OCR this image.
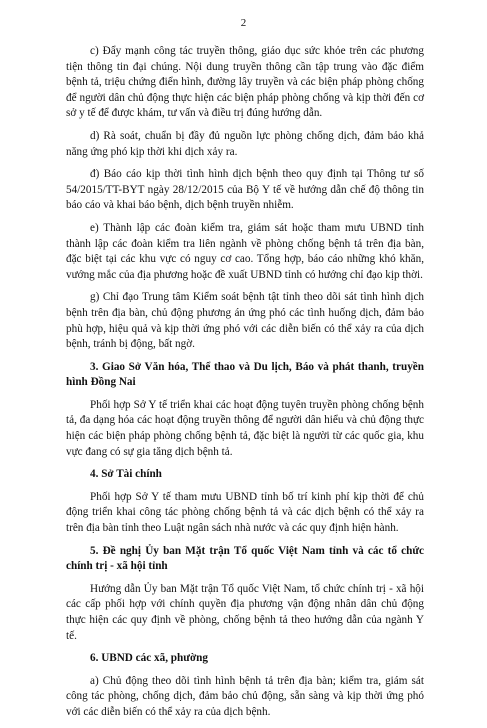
2

c) Đẩy mạnh công tác truyền thông, giáo dục sức khỏe trên các phương tiện thông tin đại chúng. Nội dung truyền thông cần tập trung vào đặc điểm bệnh tả, triệu chứng điển hình, đường lây truyền và các biện pháp phòng chống để người dân chủ động thực hiện các biện pháp phòng chống và kịp thời đến cơ sở y tế để được khám, tư vấn và điều trị đúng hướng dẫn.

d) Rà soát, chuẩn bị đầy đủ nguồn lực phòng chống dịch, đảm bảo khả năng ứng phó kịp thời khi dịch xảy ra.

đ) Báo cáo kịp thời tình hình dịch bệnh theo quy định tại Thông tư số 54/2015/TT-BYT ngày 28/12/2015 của Bộ Y tế về hướng dẫn chế độ thông tin báo cáo và khai báo bệnh, dịch bệnh truyền nhiễm.

e) Thành lập các đoàn kiểm tra, giám sát hoặc tham mưu UBND tỉnh thành lập các đoàn kiểm tra liên ngành về phòng chống bệnh tả trên địa bàn, đặc biệt tại các khu vực có nguy cơ cao. Tổng hợp, báo cáo những khó khăn, vướng mắc của địa phương hoặc đề xuất UBND tỉnh có hướng chỉ đạo kịp thời.

g) Chỉ đạo Trung tâm Kiểm soát bệnh tật tỉnh theo dõi sát tình hình dịch bệnh trên địa bàn, chủ động phương án ứng phó các tình huống dịch, đảm bảo phù hợp, hiệu quả và kịp thời ứng phó với các diễn biến có thể xảy ra của dịch bệnh, tránh bị động, bất ngờ.

3. Giao Sở Văn hóa, Thể thao và Du lịch, Báo và phát thanh, truyền hình Đồng Nai

Phối hợp Sở Y tế triển khai các hoạt động tuyên truyền phòng chống bệnh tả, đa dạng hóa các hoạt động truyền thông để người dân hiểu và chủ động thực hiện các biện pháp phòng chống bệnh tả, đặc biệt là người từ các quốc gia, khu vực đang có sự gia tăng dịch bệnh tả.

4. Sở Tài chính

Phối hợp Sở Y tế tham mưu UBND tỉnh bố trí kinh phí kịp thời để chủ động triển khai công tác phòng chống bệnh tả và các dịch bệnh có thể xảy ra trên địa bàn tỉnh theo Luật ngân sách nhà nước và các quy định hiện hành.

5. Đề nghị Ủy ban Mặt trận Tổ quốc Việt Nam tỉnh và các tổ chức chính trị - xã hội tỉnh

Hướng dẫn Ủy ban Mặt trận Tổ quốc Việt Nam, tổ chức chính trị - xã hội các cấp phối hợp với chính quyền địa phương vận động nhân dân chủ động thực hiện các quy định về phòng, chống bệnh tả theo hướng dẫn của ngành Y tế.

6. UBND các xã, phường

a) Chủ động theo dõi tình hình bệnh tả trên địa bàn; kiểm tra, giám sát công tác phòng, chống dịch, đảm bảo chủ động, sẵn sàng và kịp thời ứng phó với các diễn biến có thể xảy ra của dịch bệnh.
